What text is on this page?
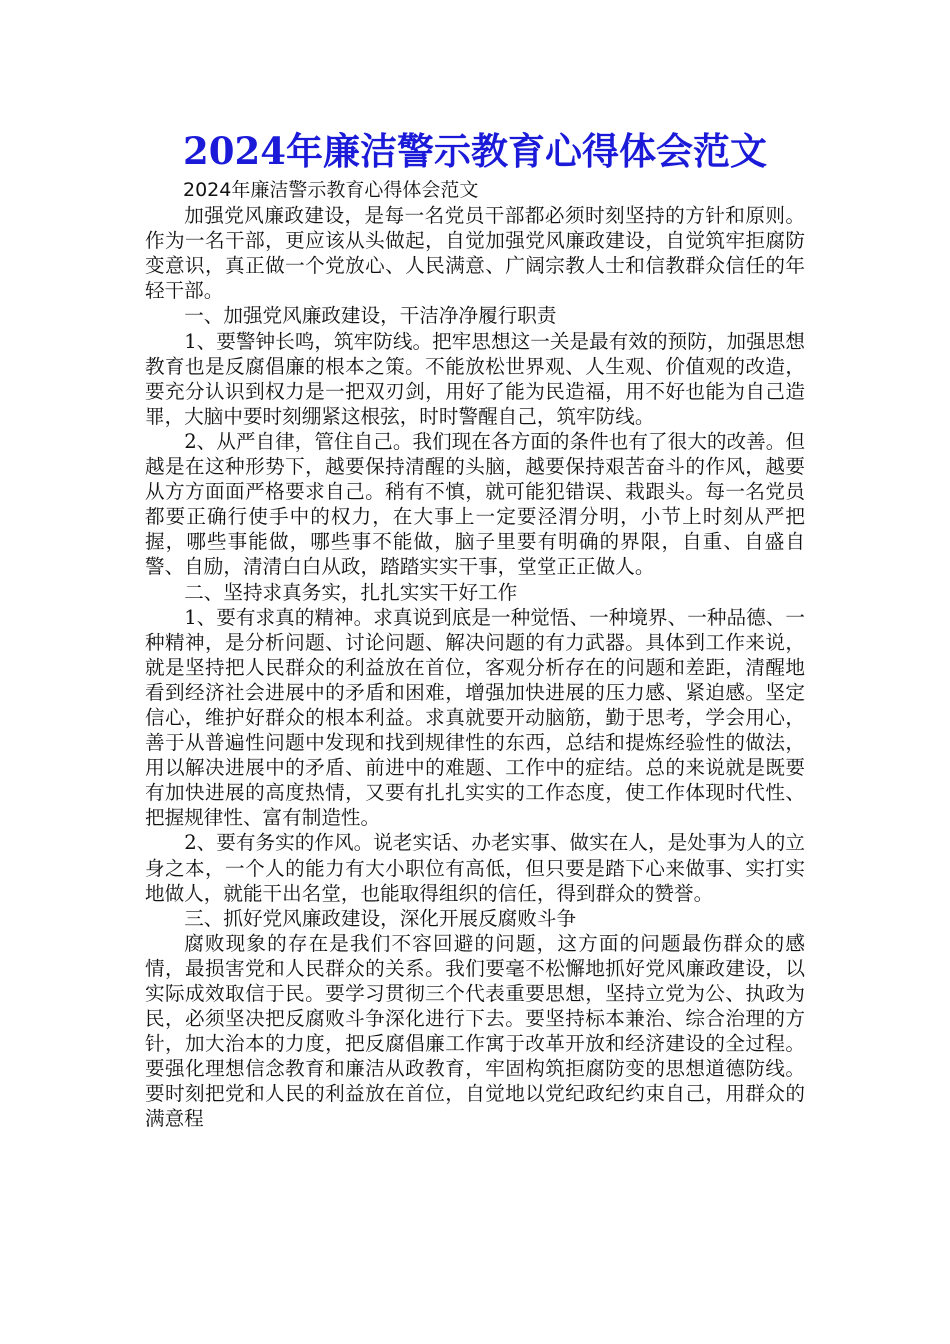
2024年廉洁警示教育心得体会范文

2024年廉洁警示教育心得体会范文

加强党风廉政建设，是每一名党员干部都必须时刻坚持的方针和原则。作为一名干部，更应该从头做起，自觉加强党风廉政建设，自觉筑牢拒腐防变意识，真正做一个党放心、人民满意、广阔宗教人士和信教群众信任的年轻干部。

一、加强党风廉政建设，干洁净净履行职责

1、要警钟长鸣，筑牢防线。把牢思想这一关是最有效的预防，加强思想教育也是反腐倡廉的根本之策。不能放松世界观、人生观、价值观的改造，要充分认识到权力是一把双刃剑，用好了能为民造福，用不好也能为自己造罪，大脑中要时刻绷紧这根弦，时时警醒自己，筑牢防线。

2、从严自律，管住自己。我们现在各方面的条件也有了很大的改善。但越是在这种形势下，越要保持清醒的头脑，越要保持艰苦奋斗的作风，越要从方方面面严格要求自己。稍有不慎，就可能犯错误、栽跟头。每一名党员都要正确行使手中的权力，在大事上一定要泾渭分明，小节上时刻从严把握，哪些事能做，哪些事不能做，脑子里要有明确的界限，自重、自盛自警、自励，清清白白从政，踏踏实实干事，堂堂正正做人。

二、坚持求真务实，扎扎实实干好工作

1、要有求真的精神。求真说到底是一种觉悟、一种境界、一种品德、一种精神，是分析问题、讨论问题、解决问题的有力武器。具体到工作来说，就是坚持把人民群众的利益放在首位，客观分析存在的问题和差距，清醒地看到经济社会进展中的矛盾和困难，增强加快进展的压力感、紧迫感。坚定信心，维护好群众的根本利益。求真就要开动脑筋，勤于思考，学会用心，善于从普遍性问题中发现和找到规律性的东西，总结和提炼经验性的做法，用以解决进展中的矛盾、前进中的难题、工作中的症结。总的来说就是既要有加快进展的高度热情，又要有扎扎实实的工作态度，使工作体现时代性、把握规律性、富有制造性。

2、要有务实的作风。说老实话、办老实事、做实在人，是处事为人的立身之本，一个人的能力有大小职位有高低，但只要是踏下心来做事、实打实地做人，就能干出名堂，也能取得组织的信任，得到群众的赞誉。

三、抓好党风廉政建设，深化开展反腐败斗争

腐败现象的存在是我们不容回避的问题，这方面的问题最伤群众的感情，最损害党和人民群众的关系。我们要毫不松懈地抓好党风廉政建设，以实际成效取信于民。要学习贯彻三个代表重要思想，坚持立党为公、执政为民，必须坚决把反腐败斗争深化进行下去。要坚持标本兼治、综合治理的方针，加大治本的力度，把反腐倡廉工作寓于改革开放和经济建设的全过程。要强化理想信念教育和廉洁从政教育，牢固构筑拒腐防变的思想道德防线。要时刻把党和人民的利益放在首位，自觉地以党纪政纪约束自己，用群众的满意程
